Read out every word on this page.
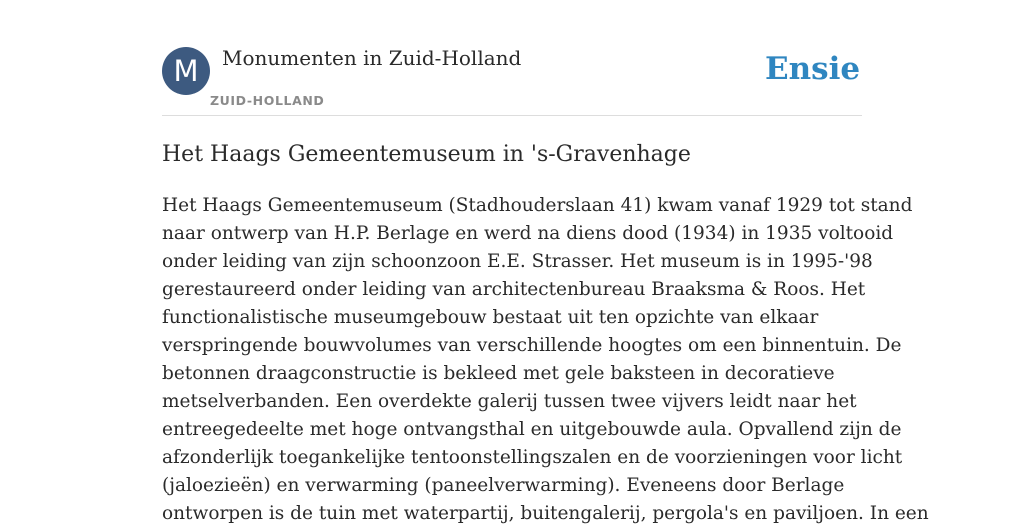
M	Monumenten in Zuid-Holland
ZUID-HOLLAND
Ensie
Het Haags Gemeentemuseum in 's-Gravenhage
Het Haags Gemeentemuseum (Stadhouderslaan 41) kwam vanaf 1929 tot stand
naar ontwerp van H.P. Berlage en werd na diens dood (1934) in 1935 voltooid
onder leiding van zijn schoonzoon E.E. Strasser. Het museum is in 1995-'98
gerestaureerd onder leiding van architectenbureau Braaksma & Roos. Het
functionalistische museumgebouw bestaat uit ten opzichte van elkaar
verspringende bouwvolumes van verschillende hoogtes om een binnentuin. De
betonnen draagconstructie is bekleed met gele baksteen in decoratieve
metselverbanden. Een overdekte galerij tussen twee vijvers leidt naar het
entreegedeelte met hoge ontvangsthal en uitgebouwde aula. Opvallend zijn de
afzonderlijk toegankelijke tentoonstellingszalen en de voorzieningen voor licht
(jaloezieën) en verwarming (paneelverwarming). Eveneens door Berlage
ontworpen is de tuin met waterpartij, buitengalerij, pergola's en paviljoen. In een
